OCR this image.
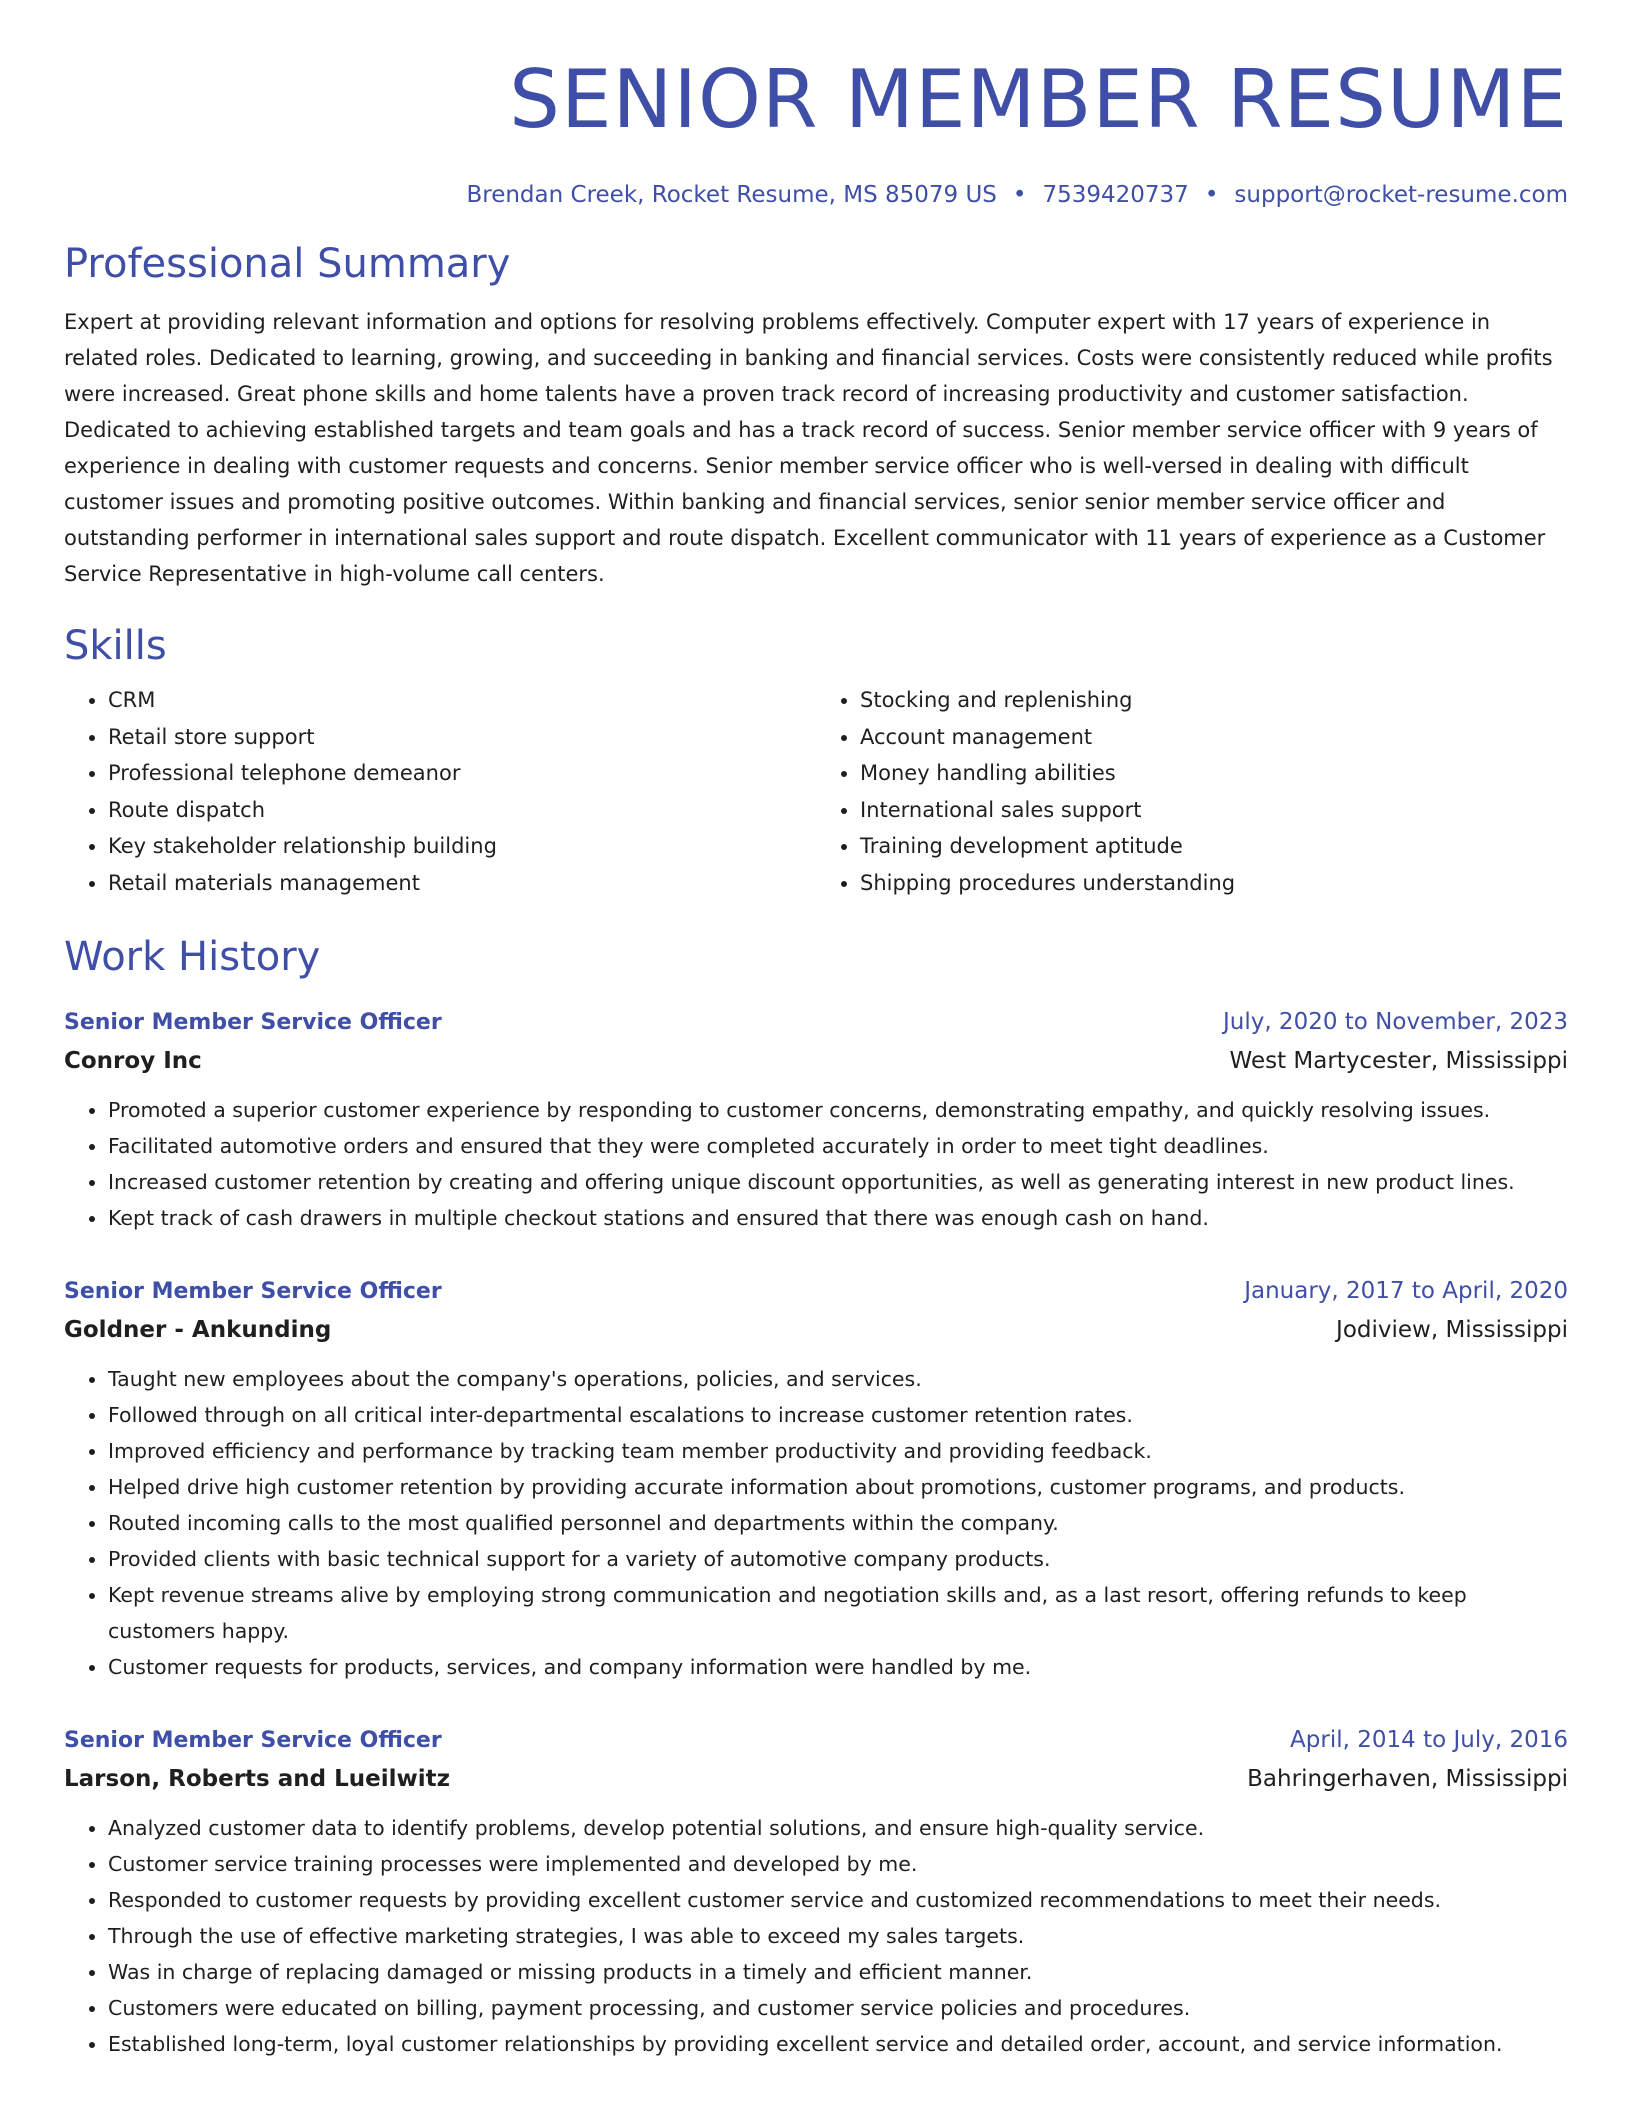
SENIOR MEMBER RESUME
Brendan Creek, Rocket Resume, MS 85079 US • 7539420737 • support@rocket-resume.com
Professional Summary

Expert at providing relevant information and options for resolving problems effectively. Computer expert with 17 years of experience in related roles. Dedicated to learning, growing, and succeeding in banking and financial services. Costs were consistently reduced while profits were increased. Great phone skills and home talents have a proven track record of increasing productivity and customer satisfaction. Dedicated to achieving established targets and team goals and has a track record of success. Senior member service officer with 9 years of experience in dealing with customer requests and concerns. Senior member service officer who is well-versed in dealing with difficult customer issues and promoting positive outcomes. Within banking and financial services, senior senior member service officer and outstanding performer in international sales support and route dispatch. Excellent communicator with 11 years of experience as a Customer Service Representative in high-volume call centers.

Skills
• CRM
• Retail store support
• Professional telephone demeanor
• Route dispatch
• Key stakeholder relationship building
• Retail materials management
• Stocking and replenishing
• Account management
• Money handling abilities
• International sales support
• Training development aptitude
• Shipping procedures understanding
Work History
Senior Member Service Officer	July, 2020 to November, 2023
Conroy Inc	West Martycester, Mississippi
• Promoted a superior customer experience by responding to customer concerns, demonstrating empathy, and quickly resolving issues.
• Facilitated automotive orders and ensured that they were completed accurately in order to meet tight deadlines.
• Increased customer retention by creating and offering unique discount opportunities, as well as generating interest in new product lines.
• Kept track of cash drawers in multiple checkout stations and ensured that there was enough cash on hand.
Senior Member Service Officer	January, 2017 to April, 2020
Goldner - Ankunding	Jodiview, Mississippi
• Taught new employees about the company's operations, policies, and services.
• Followed through on all critical inter-departmental escalations to increase customer retention rates.
• Improved efficiency and performance by tracking team member productivity and providing feedback.
• Helped drive high customer retention by providing accurate information about promotions, customer programs, and products.
• Routed incoming calls to the most qualified personnel and departments within the company.
• Provided clients with basic technical support for a variety of automotive company products.
• Kept revenue streams alive by employing strong communication and negotiation skills and, as a last resort, offering refunds to keep customers happy.
• Customer requests for products, services, and company information were handled by me.
Senior Member Service Officer	April, 2014 to July, 2016
Larson, Roberts and Lueilwitz	Bahringerhaven, Mississippi
• Analyzed customer data to identify problems, develop potential solutions, and ensure high-quality service.
• Customer service training processes were implemented and developed by me.
• Responded to customer requests by providing excellent customer service and customized recommendations to meet their needs.
• Through the use of effective marketing strategies, I was able to exceed my sales targets.
• Was in charge of replacing damaged or missing products in a timely and efficient manner.
• Customers were educated on billing, payment processing, and customer service policies and procedures.
• Established long-term, loyal customer relationships by providing excellent service and detailed order, account, and service information.
